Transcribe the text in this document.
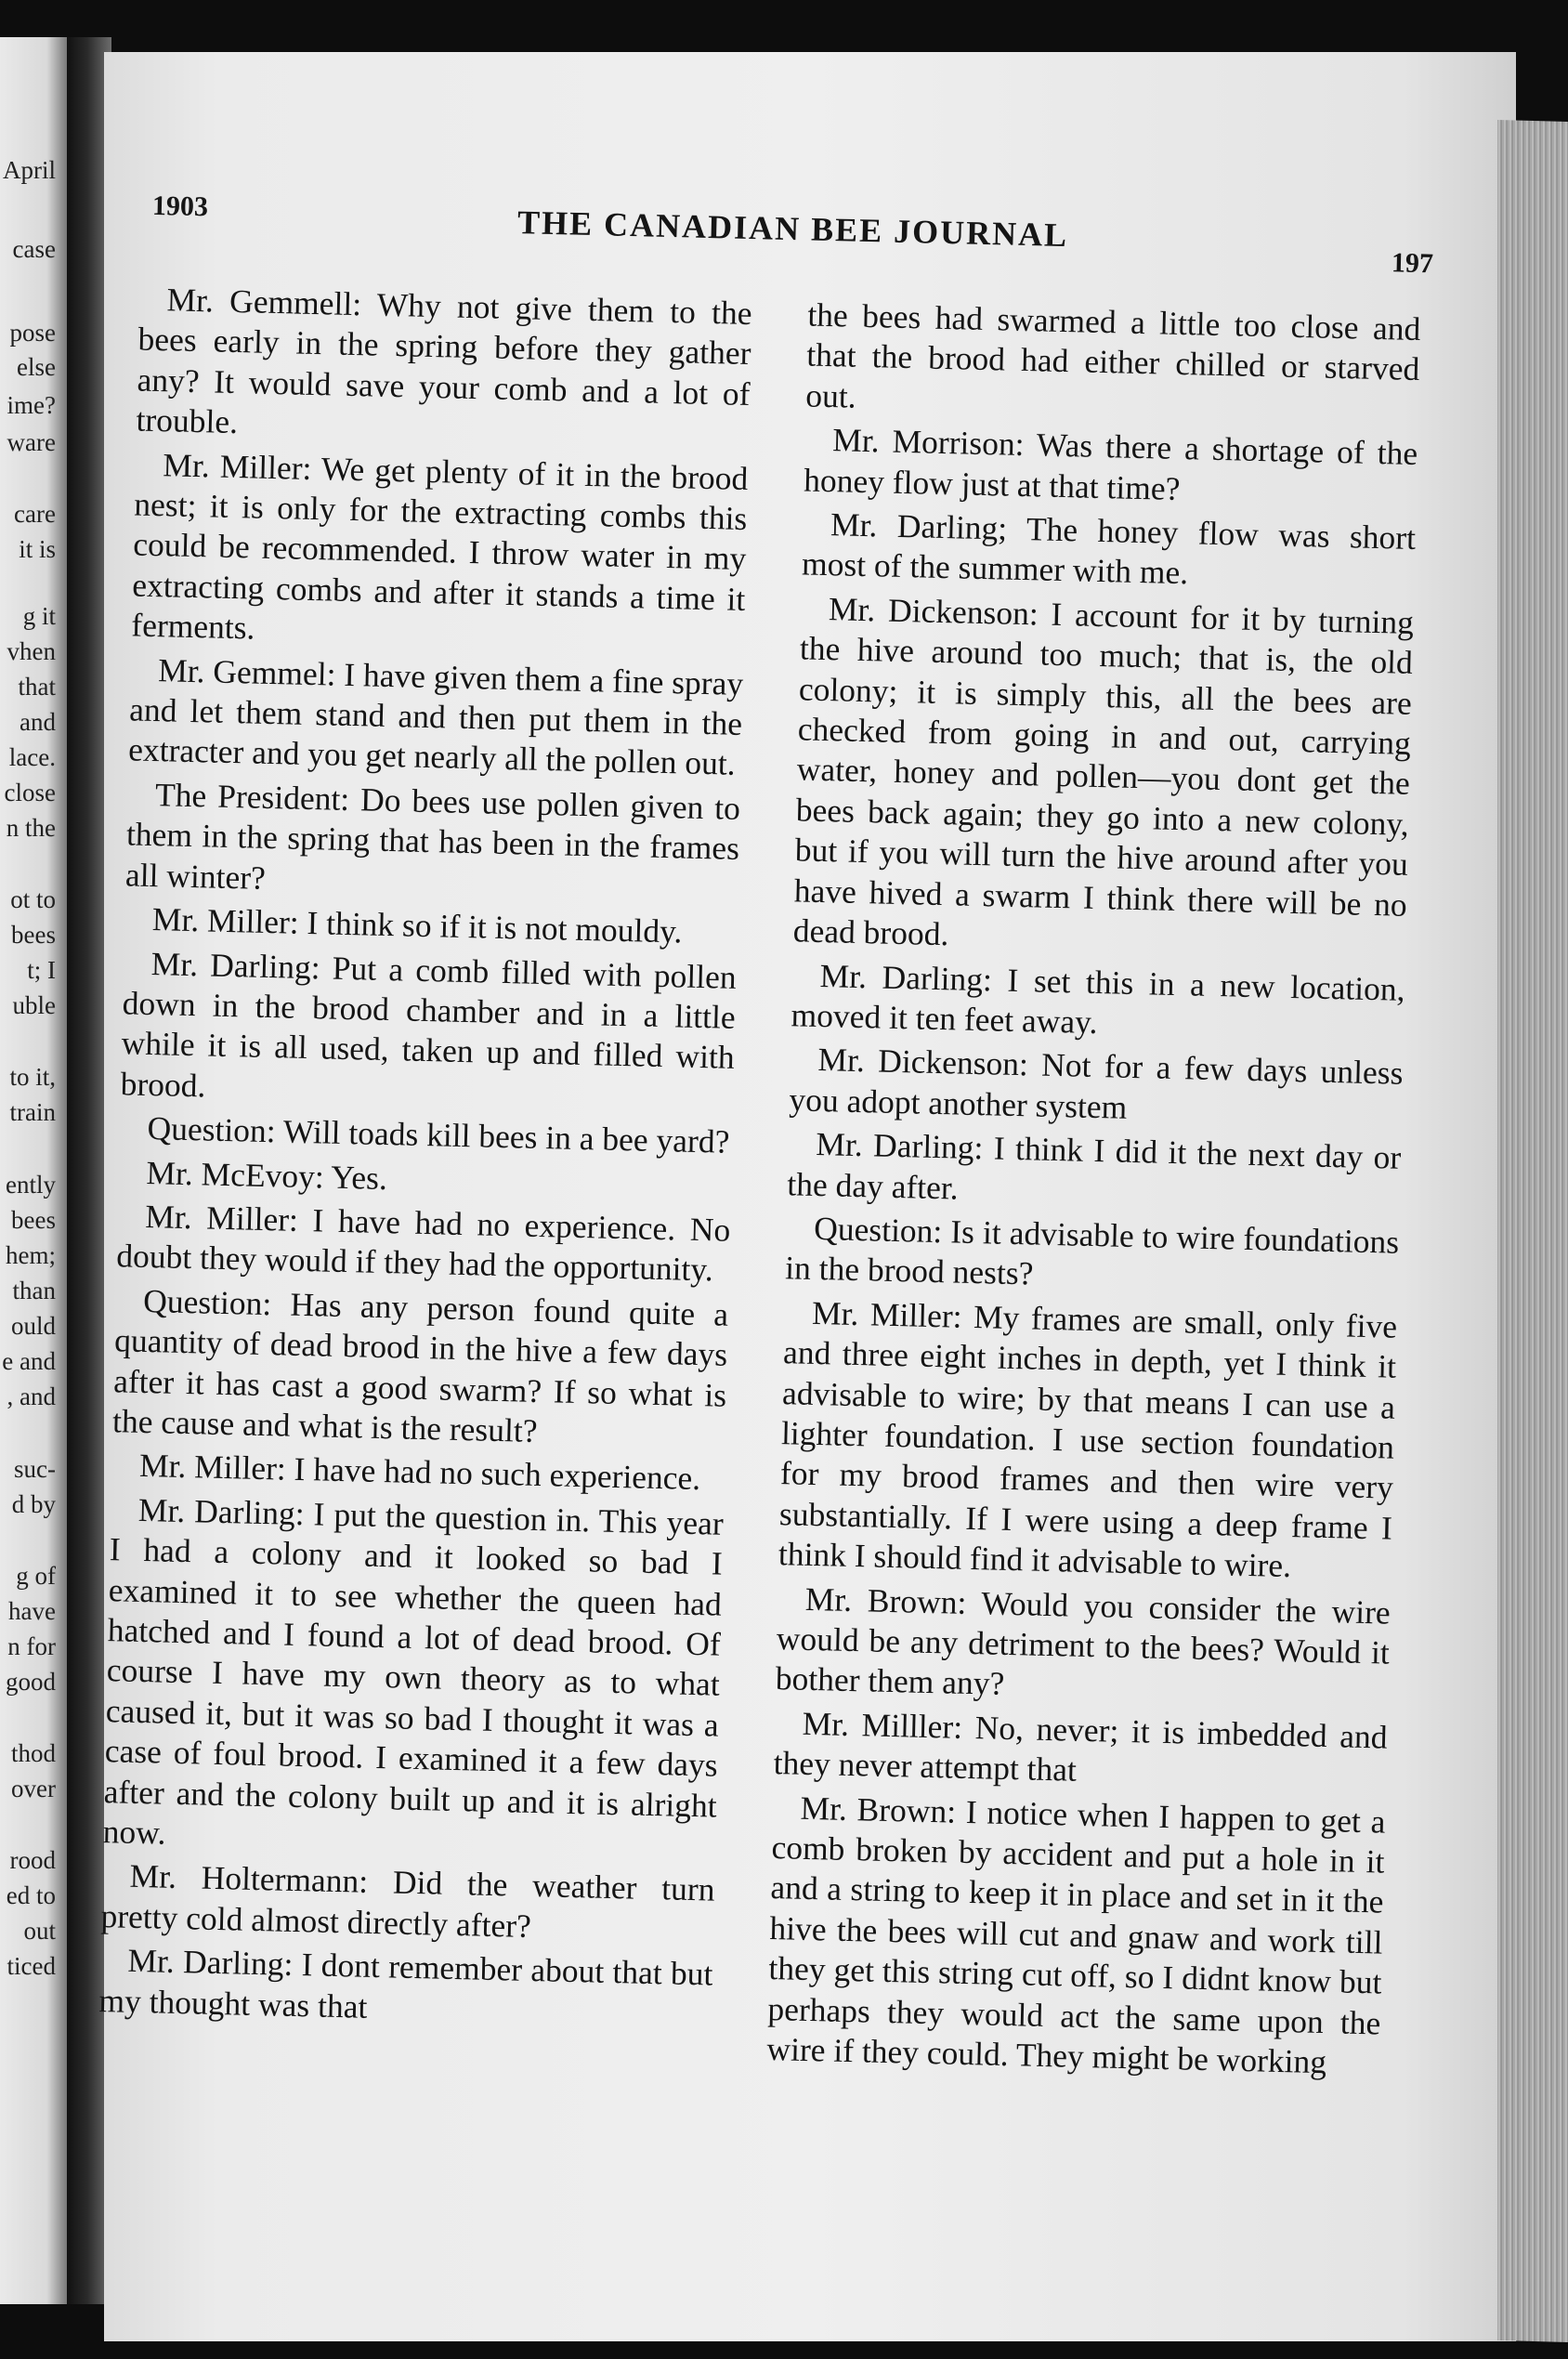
April
case
pose
else
ime?
ware
care
it is
g it
vhen
that
and
lace.
close
n the
ot to
bees
t; I
uble
to it,
train
ently
bees
hem;
than
ould
e and
, and
suc-
d by
g of
have
n for
good
thod
over
rood
ed to
out
ticed
1903	THE CANADIAN BEE JOURNAL
197

Mr. Gemmell: Why not give them to the bees early in the spring before they gather any? It would save your comb and a lot of trouble.

Mr. Miller: We get plenty of it in the brood nest; it is only for the extracting combs this could be recommended. I throw water in my extracting combs and after it stands a time it ferments.

Mr. Gemmel: I have given them a fine spray and let them stand and then put them in the extracter and you get nearly all the pollen out.

The President: Do bees use pollen given to them in the spring that has been in the frames all winter?

Mr. Miller: I think so if it is not mouldy.

Mr. Darling: Put a comb filled with pollen down in the brood chamber and in a little while it is all used, taken up and filled with brood.

Question: Will toads kill bees in a bee yard?

Mr. McEvoy: Yes.

Mr. Miller: I have had no experience. No doubt they would if they had the opportunity.

Question: Has any person found quite a quantity of dead brood in the hive a few days after it has cast a good swarm? If so what is the cause and what is the result?

Mr. Miller: I have had no such experience.

Mr. Darling: I put the question in. This year I had a colony and it looked so bad I examined it to see whether the queen had hatched and I found a lot of dead brood. Of course I have my own theory as to what caused it, but it was so bad I thought it was a case of foul brood. I examined it a few days after and the colony built up and it is alright now.

Mr. Holtermann: Did the weather turn pretty cold almost directly after?

Mr. Darling: I dont remember about that but my thought was that

the bees had swarmed a little too close and that the brood had either chilled or starved out.

Mr. Morrison: Was there a shortage of the honey flow just at that time?

Mr. Darling; The honey flow was short most of the summer with me.

Mr. Dickenson: I account for it by turning the hive around too much; that is, the old colony; it is simply this, all the bees are checked from going in and out, carrying water, honey and pollen—you dont get the bees back again; they go into a new colony, but if you will turn the hive around after you have hived a swarm I think there will be no dead brood.

Mr. Darling: I set this in a new location, moved it ten feet away.

Mr. Dickenson: Not for a few days unless you adopt another system

Mr. Darling: I think I did it the next day or the day after.

Question: Is it advisable to wire foundations in the brood nests?

Mr. Miller: My frames are small, only five and three eight inches in depth, yet I think it advisable to wire; by that means I can use a lighter foundation. I use section foundation for my brood frames and then wire very substantially. If I were using a deep frame I think I should find it advisable to wire.

Mr. Brown: Would you consider the wire would be any detriment to the bees? Would it bother them any?

Mr. Milller: No, never; it is imbedded and they never attempt that

Mr. Brown: I notice when I happen to get a comb broken by accident and put a hole in it and a string to keep it in place and set in it the hive the bees will cut and gnaw and work till they get this string cut off, so I didnt know but perhaps they would act the same upon the wire if they could. They might be working
